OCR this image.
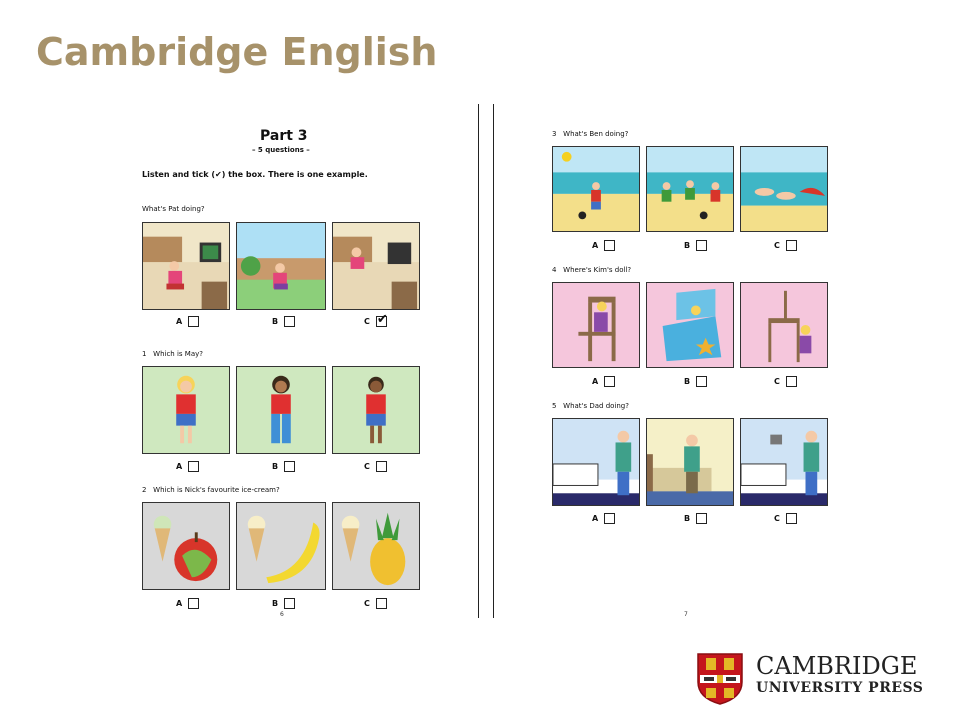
Cambridge English
Part 3
– 5 questions –
Listen and tick (✔) the box. There is one example.
What's Pat doing?
A	B	C ✔
1 Which is May?
A	B	C
2 Which is Nick's favourite ice-cream?
A	B	C
6
3 What's Ben doing?
A	B	C
4 Where's Kim's doll?
A	B	C
5 What's Dad doing?
A	B	C
7
CAMBRIDGE
UNIVERSITY PRESS
